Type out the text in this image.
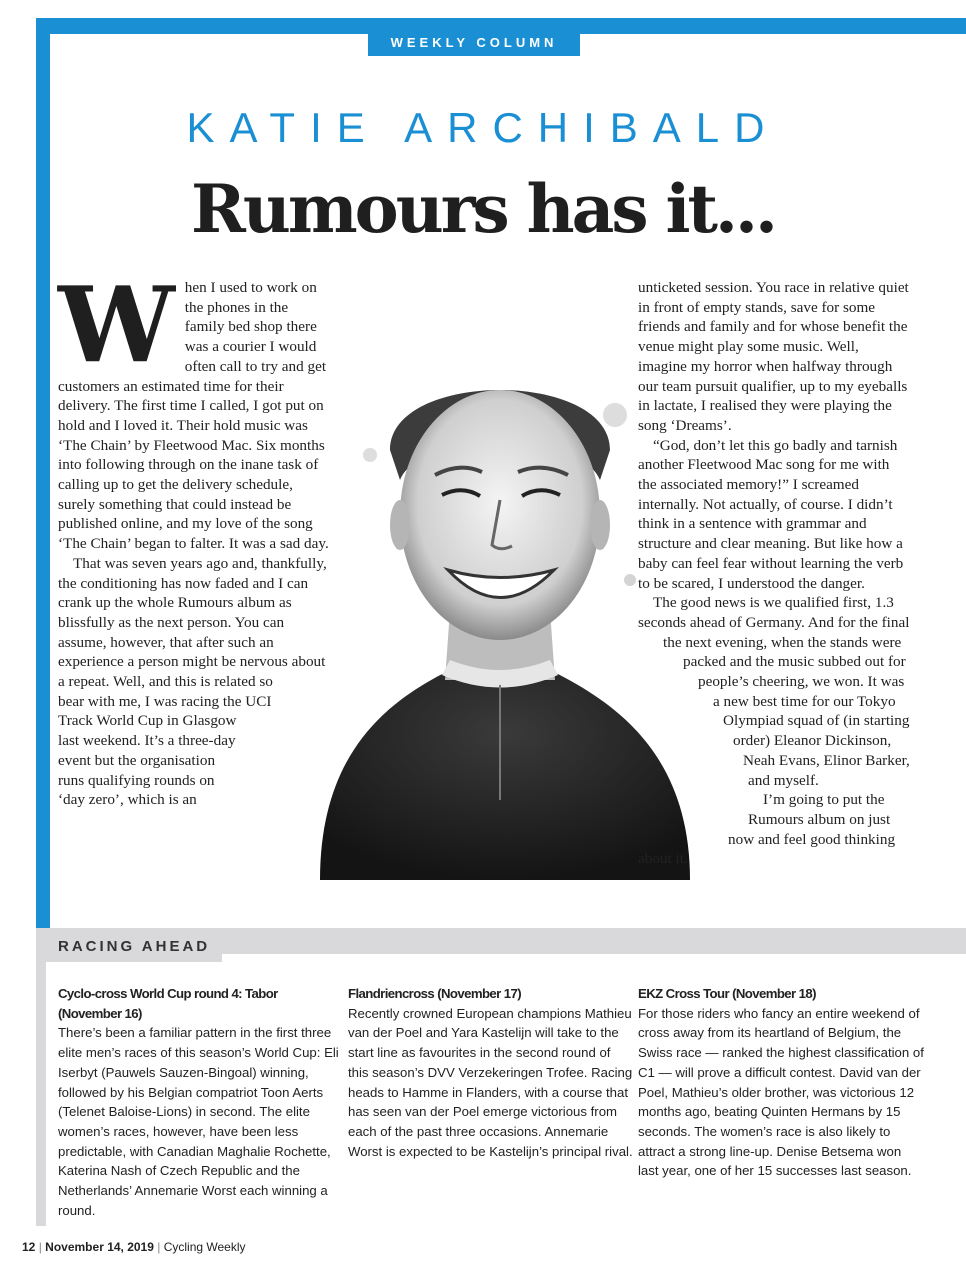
WEEKLY COLUMN
KATIE ARCHIBALD
Rumours has it...
W hen I used to work on the phones in the family bed shop there was a courier I would often call to try and get customers an estimated time for their delivery. The first time I called, I got put on hold and I loved it. Their hold music was ‘The Chain’ by Fleetwood Mac. Six months into following through on the inane task of calling up to get the delivery schedule, surely something that could instead be published online, and my love of the song ‘The Chain’ began to falter. It was a sad day.

That was seven years ago and, thankfully, the conditioning has now faded and I can crank up the whole Rumours album as blissfully as the next person. You can assume, however, that after such an experience a person might be nervous about a repeat. Well, and this is related so bear with me, I was racing the UCI Track World Cup in Glasgow last weekend. It’s a three-day event but the organisation runs qualifying rounds on ‘day zero’, which is an

unticketed session. You race in relative quiet in front of empty stands, save for some friends and family and for whose benefit the venue might play some music. Well, imagine my horror when halfway through our team pursuit qualifier, up to my eyeballs in lactate, I realised they were playing the song ‘Dreams’.

“God, don’t let this go badly and tarnish another Fleetwood Mac song for me with the associated memory!” I screamed internally. Not actually, of course. I didn’t think in a sentence with grammar and structure and clear meaning. But like how a baby can feel fear without learning the verb to be scared, I understood the danger.

The good news is we qualified first, 1.3 seconds ahead of Germany. And for the final the next evening, when the stands were packed and the music subbed out for people’s cheering, we won. It was a new best time for our Tokyo Olympiad squad of (in starting order) Eleanor Dickinson, Neah Evans, Elinor Barker, and myself.

I’m going to put the Rumours album on just now and feel good thinking about it.

RACING AHEAD
Cyclo-cross World Cup round 4: Tabor (November 16)
There’s been a familiar pattern in the first three elite men’s races of this season’s World Cup: Eli Iserbyt (Pauwels Sauzen-Bingoal) winning, followed by his Belgian compatriot Toon Aerts (Telenet Baloise-Lions) in second. The elite women’s races, however, have been less predictable, with Canadian Maghalie Rochette, Katerina Nash of Czech Republic and the Netherlands’ Annemarie Worst each winning a round.
Flandriencross (November 17)
Recently crowned European champions Mathieu van der Poel and Yara Kastelijn will take to the start line as favourites in the second round of this season’s DVV Verzekeringen Trofee. Racing heads to Hamme in Flanders, with a course that has seen van der Poel emerge victorious from each of the past three occasions. Annemarie Worst is expected to be Kastelijn’s principal rival.
EKZ Cross Tour (November 18)
For those riders who fancy an entire weekend of cross away from its heartland of Belgium, the Swiss race — ranked the highest classification of C1 — will prove a difficult contest. David van der Poel, Mathieu’s older brother, was victorious 12 months ago, beating Quinten Hermans by 15 seconds. The women’s race is also likely to attract a strong line-up. Denise Betsema won last year, one of her 15 successes last season.
12 | November 14, 2019 | Cycling Weekly
